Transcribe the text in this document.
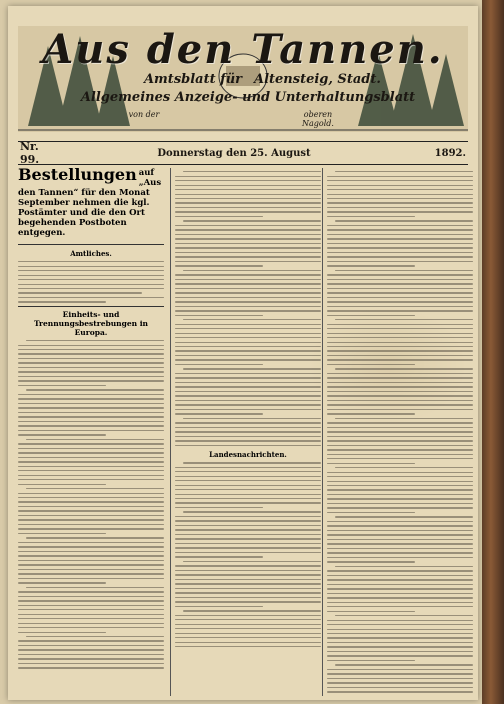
Aus den Tannen.
Amtsblatt für Altensteig, Stadt.
Allgemeines Anzeige- und Unterhaltungsblatt
von der	oberen Nagold.
Nr. 99.	Donnerstag den 25. August	1892.
Bestellungen auf „Aus den Tannen“ für den Monat September nehmen die kgl. Postämter und die den Ort begehenden Postboten entgegen.
Amtliches.
Einheits- und Trennungsbestrebungen in Europa.
Landesnachrichten.
